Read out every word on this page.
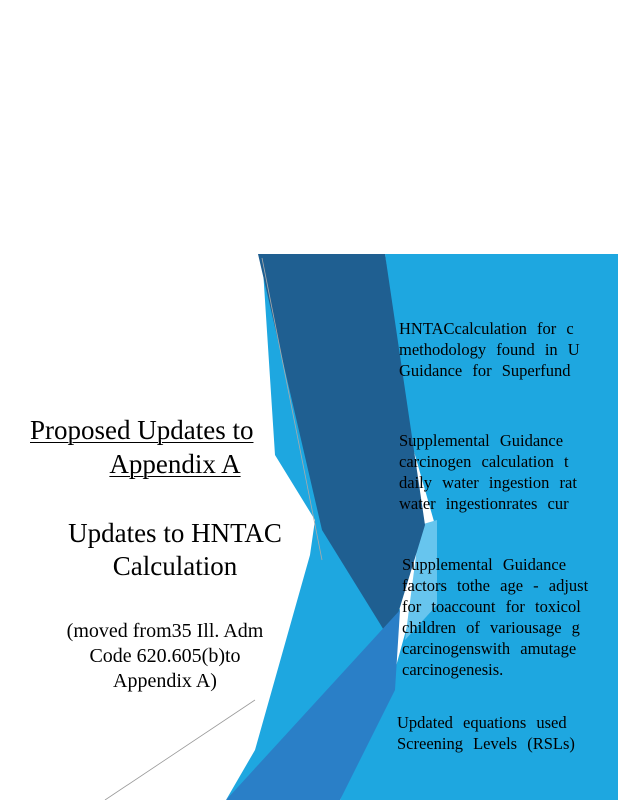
Proposed Updates to
Appendix A
Updates to HNTAC
Calculation
(moved from35 Ill. Adm
Code 620.605(b)to
Appendix A)
HNTACcalculation for c
methodology found in U
Guidance for Superfund
Supplemental Guidance
carcinogen calculation t
daily water ingestion rat
water ingestionrates cur
Supplemental Guidance
factors tothe age - adjust
for toaccount for toxicol
children of variousage g
carcinogenswith amutage
carcinogenesis.
Updated equations used
Screening Levels (RSLs)
